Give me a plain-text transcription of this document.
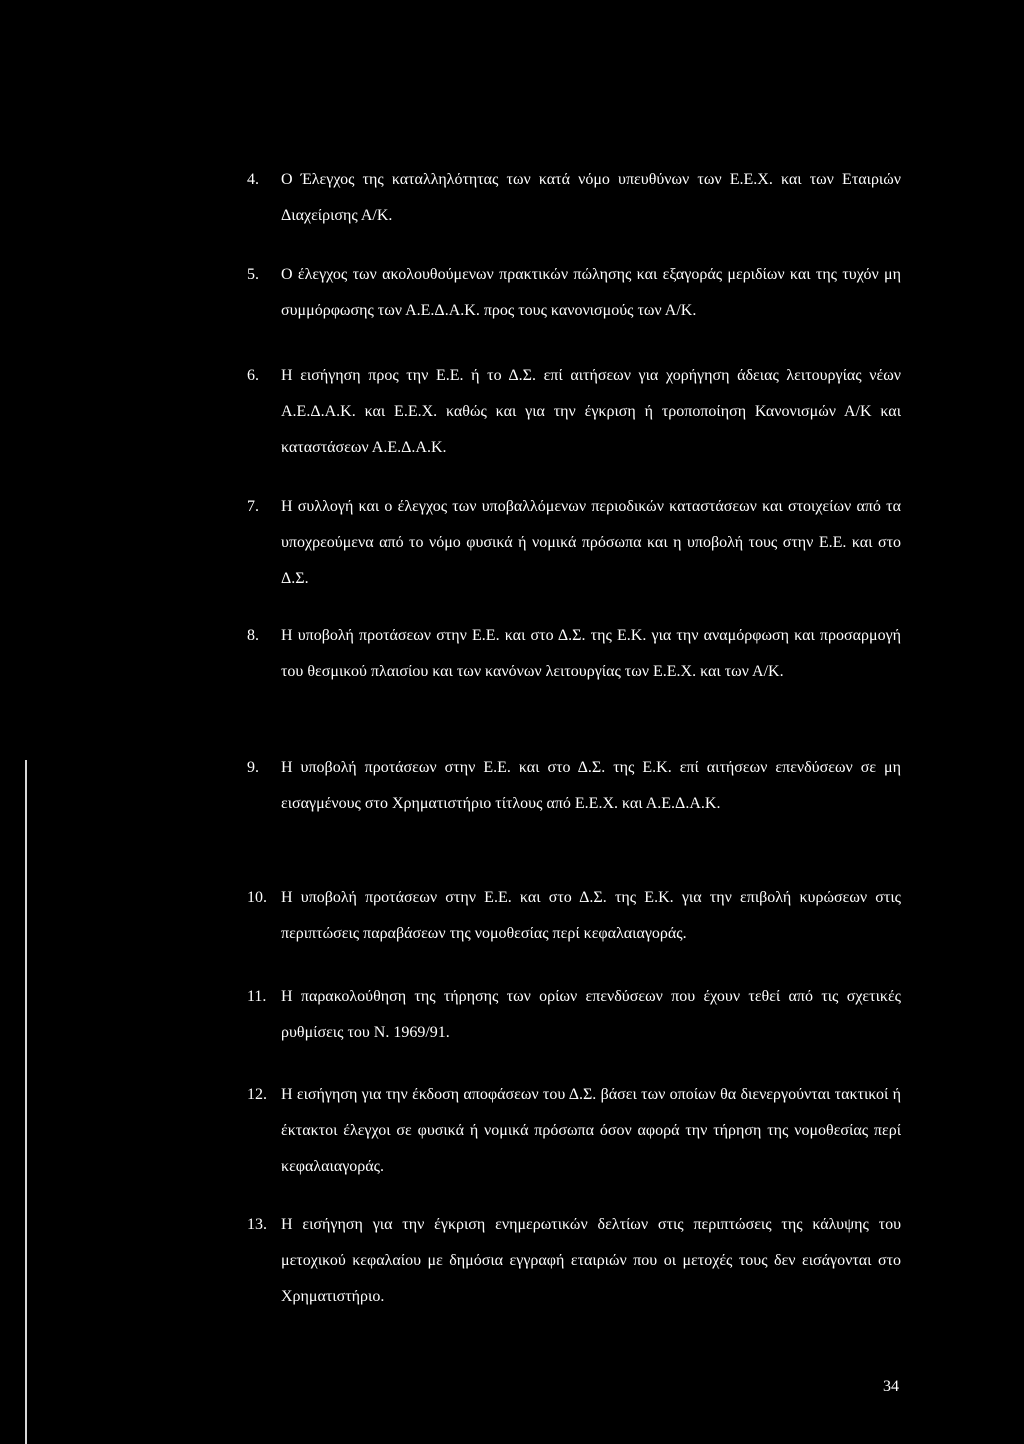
4. Ο Έλεγχος της καταλληλότητας των κατά νόμο υπευθύνων των Ε.Ε.Χ. και των Εταιριών Διαχείρισης Α/Κ.
5. Ο έλεγχος των ακολουθούμενων πρακτικών πώλησης και εξαγοράς μεριδίων και της τυχόν μη συμμόρφωσης των Α.Ε.Δ.Α.Κ. προς τους κανονισμούς των Α/Κ.
6. Η εισήγηση προς την Ε.Ε. ή το Δ.Σ. επί αιτήσεων για χορήγηση άδειας λειτουργίας νέων Α.Ε.Δ.Α.Κ. και Ε.Ε.Χ. καθώς και για την έγκριση ή τροποποίηση Κανονισμών Α/Κ και καταστάσεων Α.Ε.Δ.Α.Κ.
7. Η συλλογή και ο έλεγχος των υποβαλλόμενων περιοδικών καταστάσεων και στοιχείων από τα υποχρεούμενα από το νόμο φυσικά ή νομικά πρόσωπα και η υποβολή τους στην Ε.Ε. και στο Δ.Σ.
8. Η υποβολή προτάσεων στην Ε.Ε. και στο Δ.Σ. της Ε.Κ. για την αναμόρφωση και προσαρμογή του θεσμικού πλαισίου και των κανόνων λειτουργίας των Ε.Ε.Χ. και των Α/Κ.
9. Η υποβολή προτάσεων στην Ε.Ε. και στο Δ.Σ. της Ε.Κ. επί αιτήσεων επενδύσεων σε μη εισαγμένους στο Χρηματιστήριο τίτλους από Ε.Ε.Χ. και Α.Ε.Δ.Α.Κ.
10. Η υποβολή προτάσεων στην Ε.Ε. και στο Δ.Σ. της Ε.Κ. για την επιβολή κυρώσεων στις περιπτώσεις παραβάσεων της νομοθεσίας περί κεφαλαιαγοράς.
11. Η παρακολούθηση της τήρησης των ορίων επενδύσεων που έχουν τεθεί από τις σχετικές ρυθμίσεις του Ν. 1969/91.
12. Η εισήγηση για την έκδοση αποφάσεων του Δ.Σ. βάσει των οποίων θα διενεργούνται τακτικοί ή έκτακτοι έλεγχοι σε φυσικά ή νομικά πρόσωπα όσον αφορά την τήρηση της νομοθεσίας περί κεφαλαιαγοράς.
13. Η εισήγηση για την έγκριση ενημερωτικών δελτίων στις περιπτώσεις της κάλυψης του μετοχικού κεφαλαίου με δημόσια εγγραφή εταιριών που οι μετοχές τους δεν εισάγονται στο Χρηματιστήριο.
34
